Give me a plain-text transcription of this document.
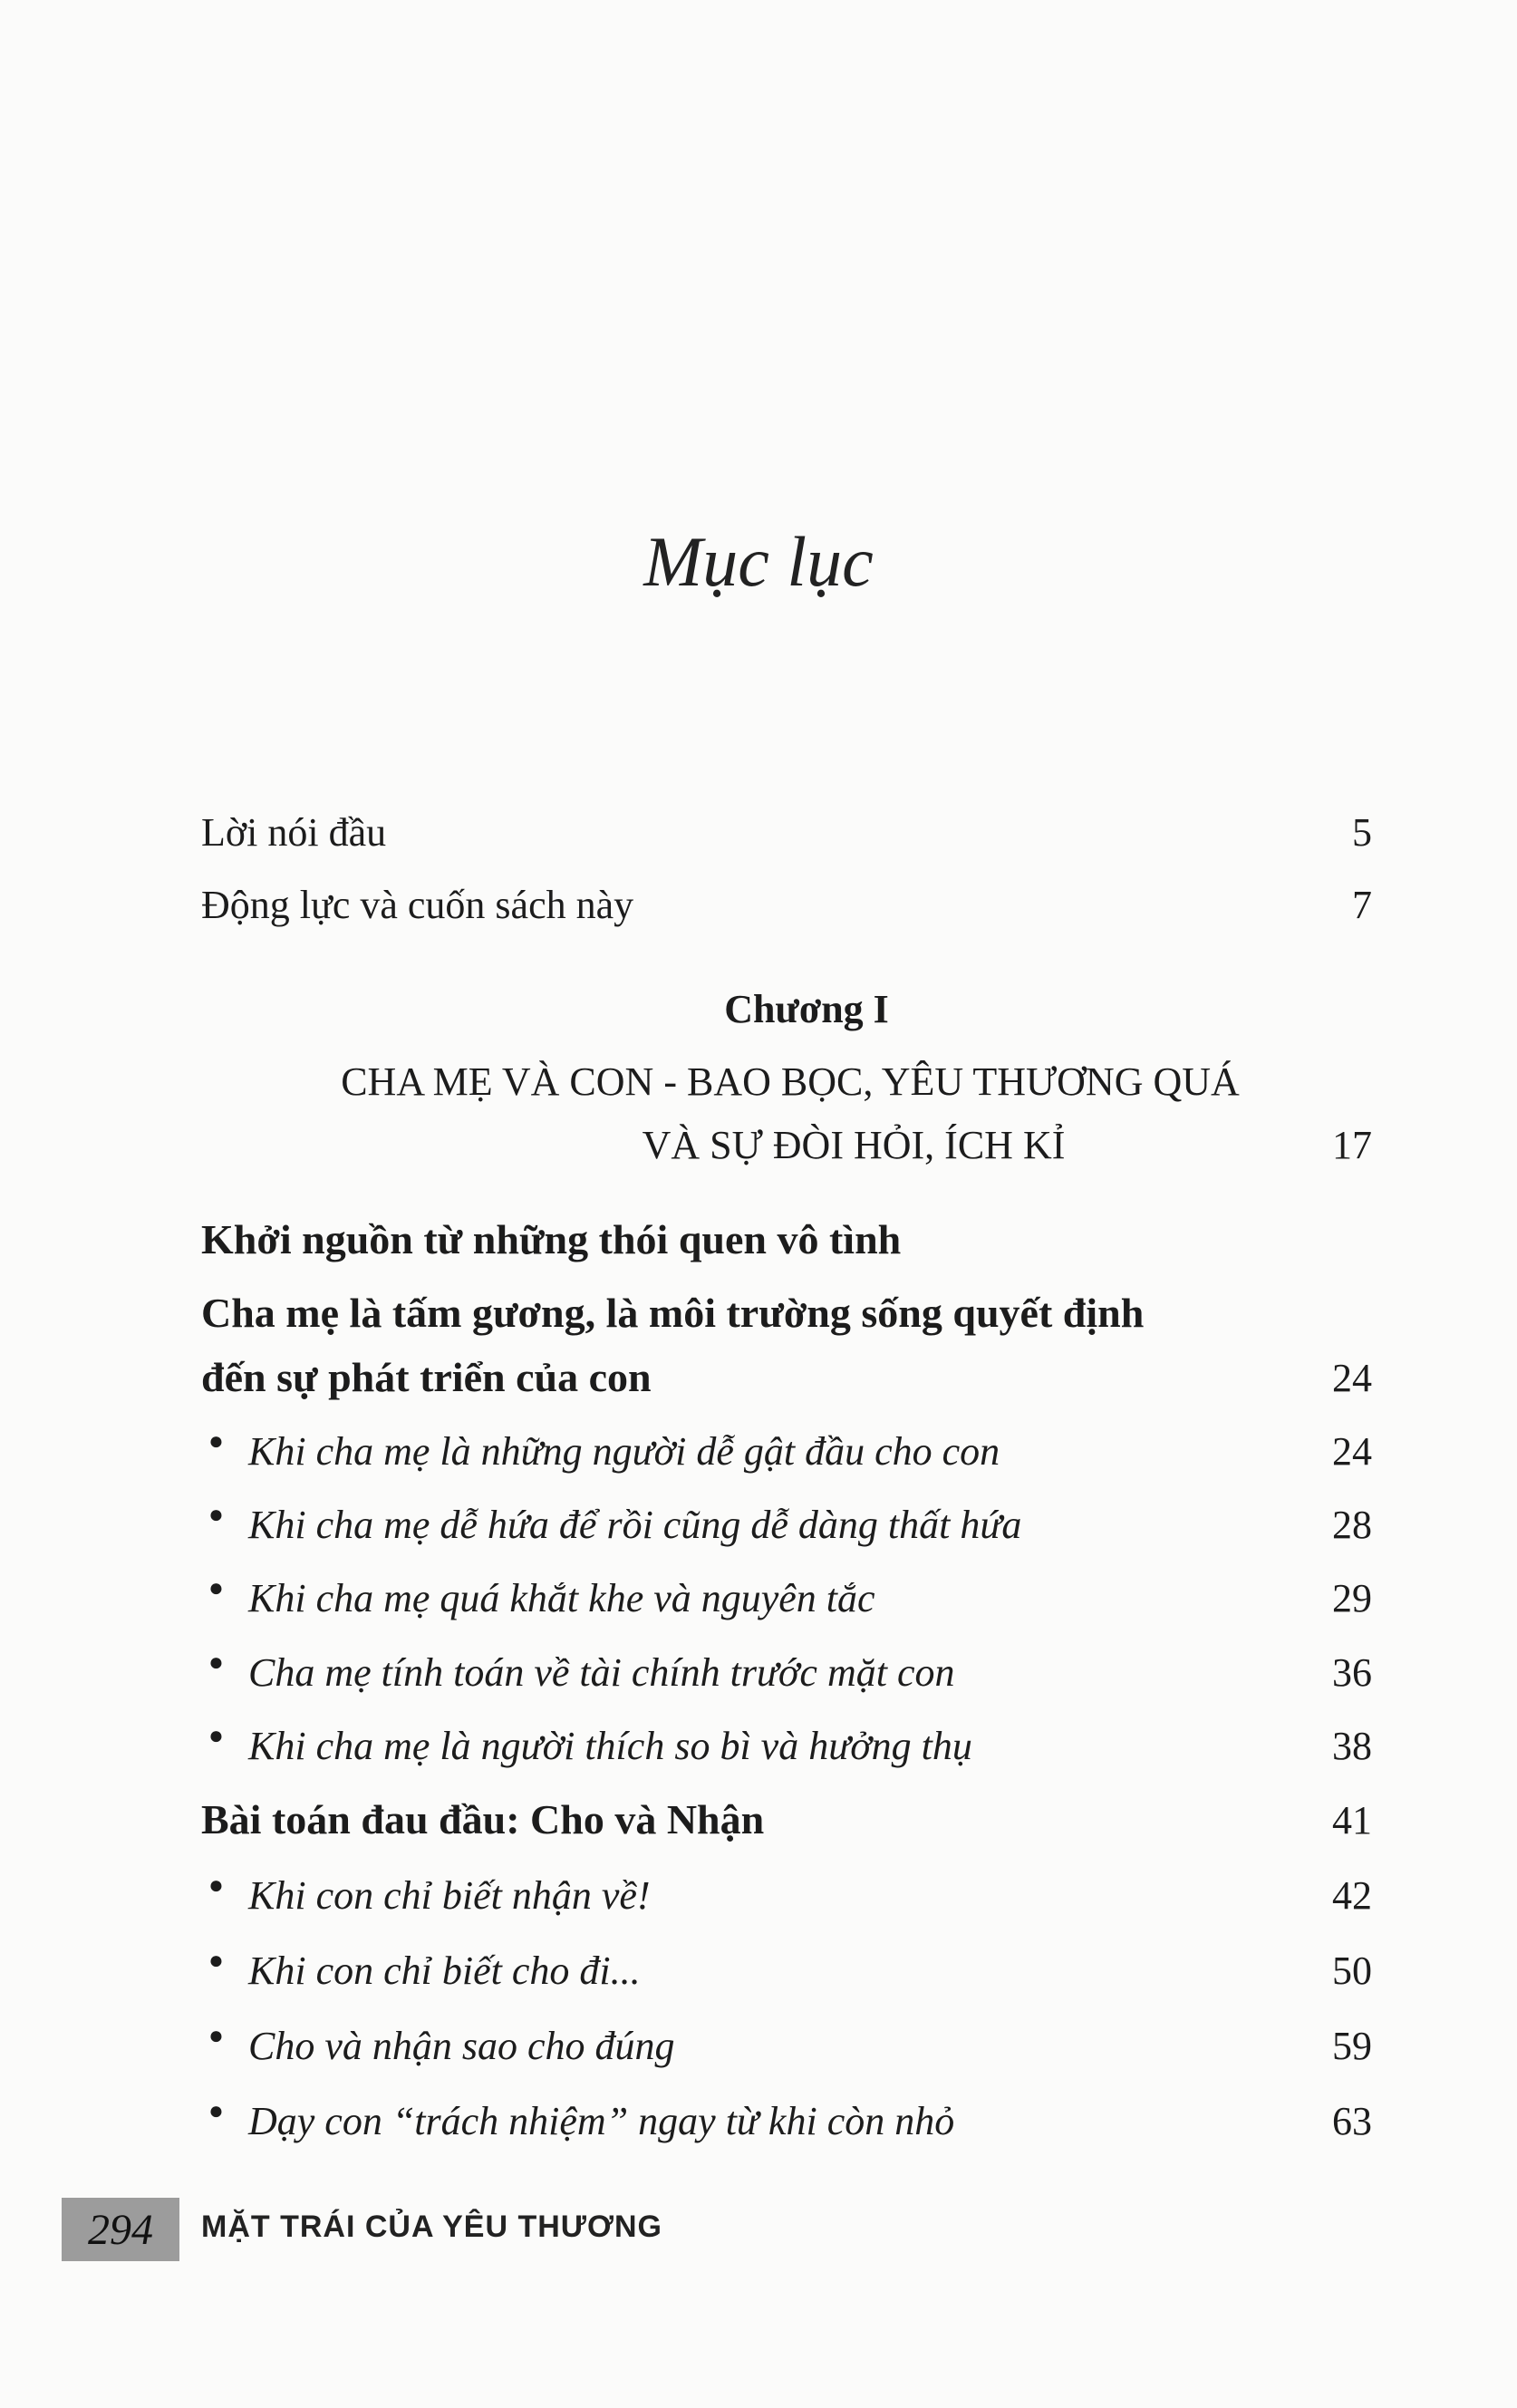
Mục lục
Lời nói đầu	5
Động lực và cuốn sách này	7
Chương I
CHA MẸ VÀ CON - BAO BỌC, YÊU THƯƠNG QUÁ
VÀ SỰ ĐÒI HỎI, ÍCH KỈ	17
Khởi nguồn từ những thói quen vô tình
Cha mẹ là tấm gương, là môi trường sống quyết định
đến sự phát triển của con	24
● Khi cha mẹ là những người dễ gật đầu cho con	24
● Khi cha mẹ dễ hứa để rồi cũng dễ dàng thất hứa	28
● Khi cha mẹ quá khắt khe và nguyên tắc	29
● Cha mẹ tính toán về tài chính trước mặt con	36
● Khi cha mẹ là người thích so bì và hưởng thụ	38
Bài toán đau đầu: Cho và Nhận	41
● Khi con chỉ biết nhận về!	42
● Khi con chỉ biết cho đi...	50
● Cho và nhận sao cho đúng	59
● Dạy con “trách nhiệm” ngay từ khi còn nhỏ	63
294	MẶT TRÁI CỦA YÊU THƯƠNG
